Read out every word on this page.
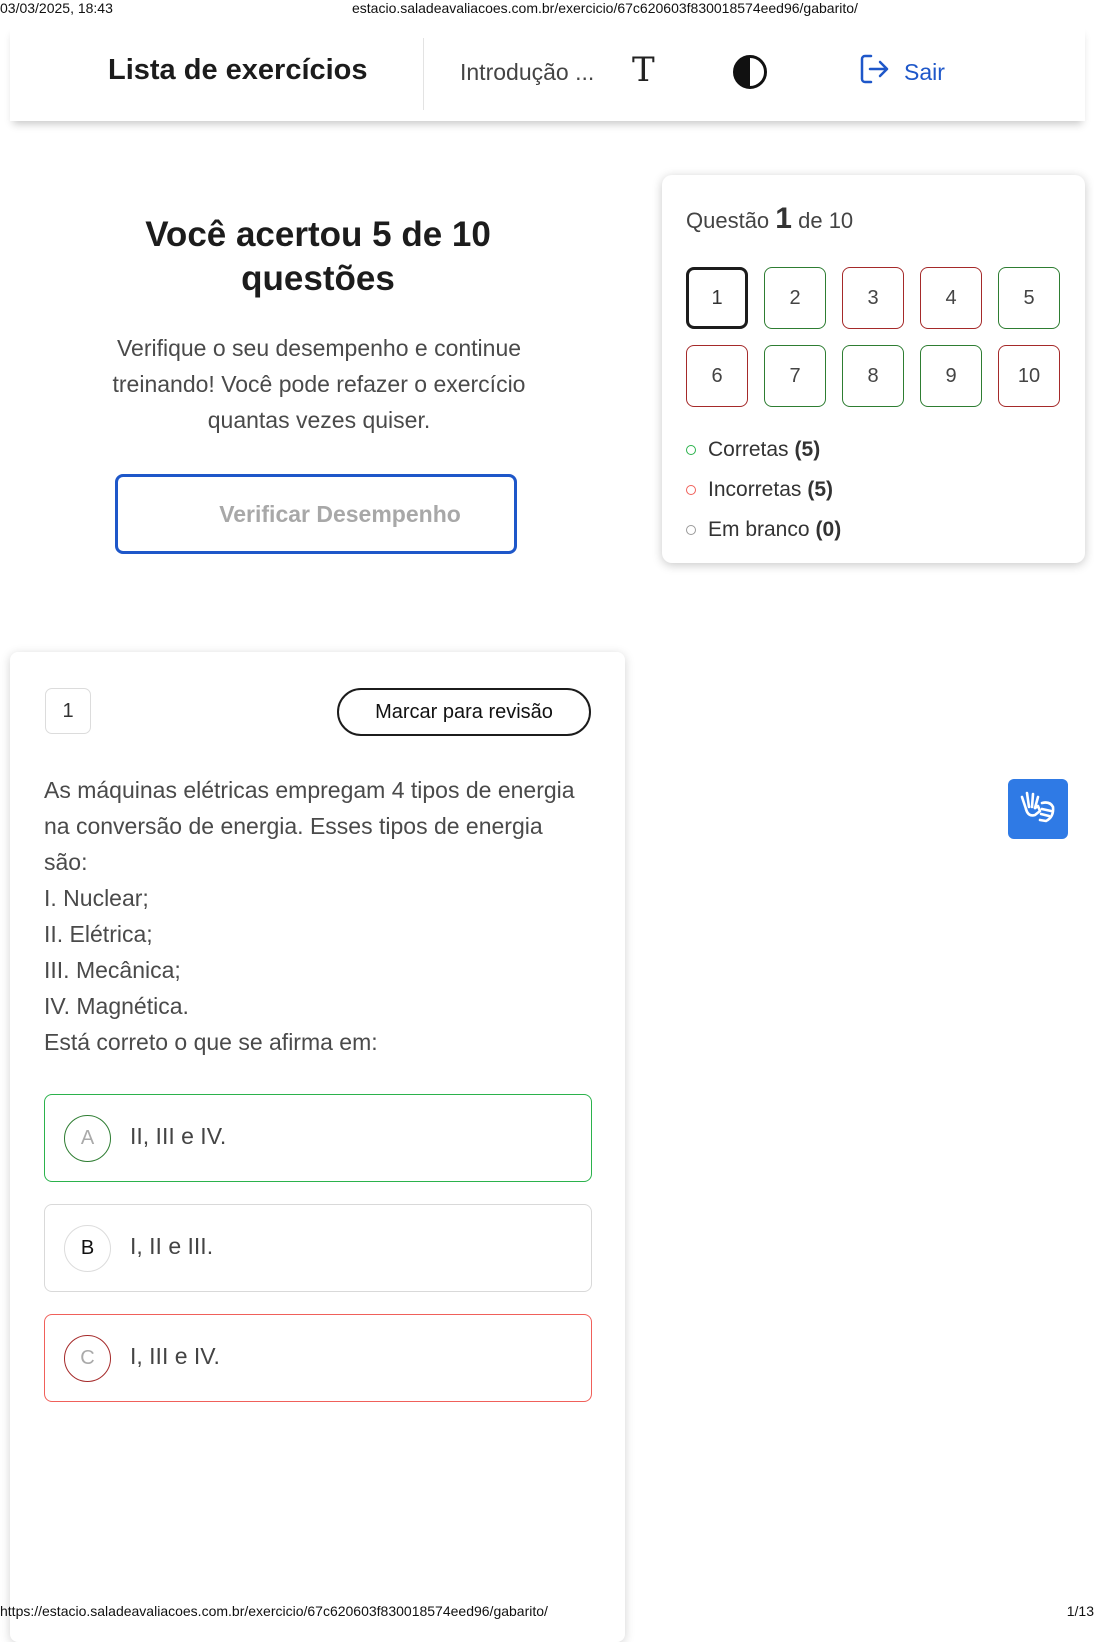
03/03/2025, 18:43	estacio.saladeavaliacoes.com.br/exercicio/67c620603f830018574eed96/gabarito/
Lista de exercícios	Introdução ... T	Sair
Você acertou 5 de 10 questões
Verifique o seu desempenho e continue treinando! Você pode refazer o exercício quantas vezes quiser.
Verificar Desempenho
Questão 1 de 10
1	2	3	4	5
6	7	8	9	10
Corretas (5)
Incorretas (5)
Em branco (0)
1	Marcar para revisão
As máquinas elétricas empregam 4 tipos de energia na conversão de energia. Esses tipos de energia são:
I. Nuclear;
II. Elétrica;
III. Mecânica;
IV. Magnética.
Está correto o que se afirma em:
A	II, III e IV.
B	I, II e III.
C	I, III e IV.
https://estacio.saladeavaliacoes.com.br/exercicio/67c620603f830018574eed96/gabarito/	1/13
